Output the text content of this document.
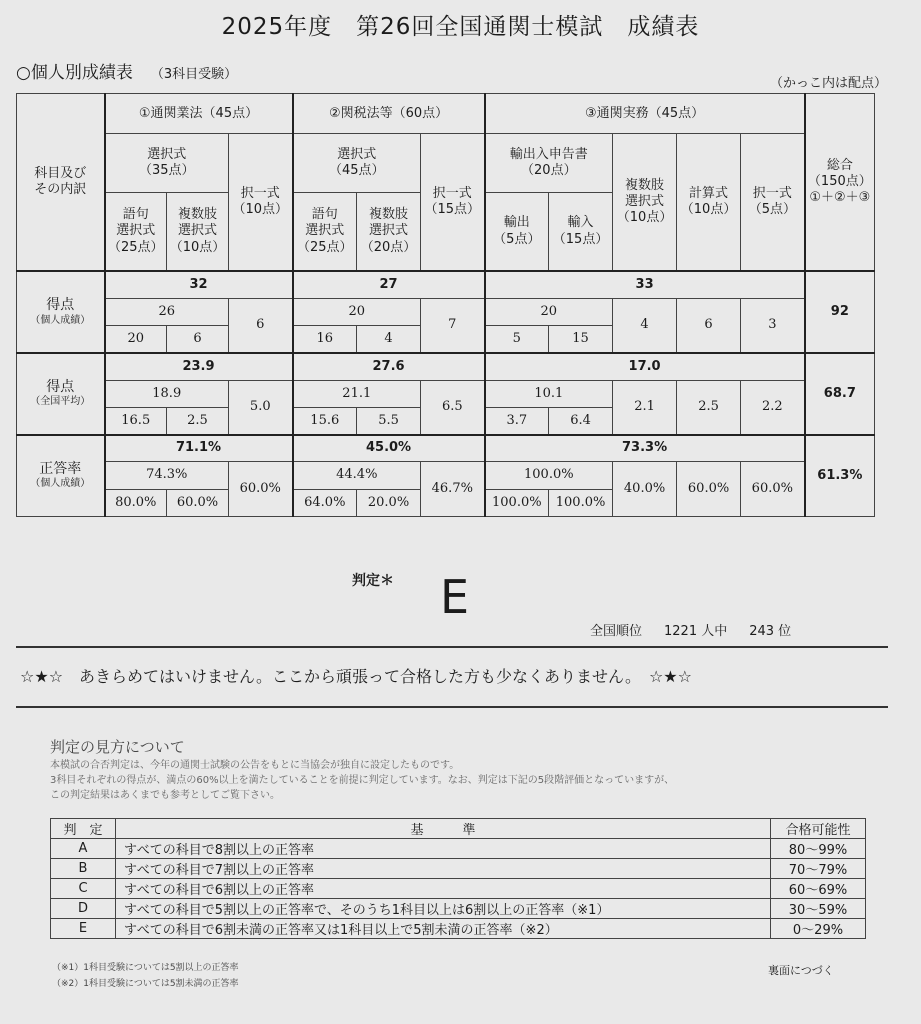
2025年度　第26回全国通関士模試　成績表
○個人別成績表 （3科目受験）
（かっこ内は配点）
科目及び
その内訳	①通関業法（45点）			②関税法等（60点）			③通関実務（45点）					総合
（150点）
①＋②＋③
	選択式
（35点）		択一式
（10点）	選択式
（45点）		択一式
（15点）	輸出入申告書
（20点）		複数肢
選択式
（10点）	計算式
（10点）	択一式
（5点）	
	語句
選択式
（25点）	複数肢
選択式
（10点）		語句
選択式
（25点）	複数肢
選択式
（20点）		輸出
（5点）	輸入
（15点）				
得点
（個人成績）	32			27			33					92
	26		6	20		7	20		4	6	3	
	20	6		16	4		5	15				
得点
（全国平均）	23.9			27.6			17.0					68.7
	18.9		5.0	21.1		6.5	10.1		2.1	2.5	2.2	
	16.5	2.5		15.6	5.5		3.7	6.4				
正答率
（個人成績）	71.1%			45.0%			73.3%					61.3%
	74.3%		60.0%	44.4%		46.7%	100.0%		40.0%	60.0%	60.0%	
	80.0%	60.0%		64.0%	20.0%		100.0%	100.0%				
判定＊ E
全国順位 1221 人中 243 位
☆★☆　あきらめてはいけません。ここから頑張って合格した方も少なくありません。　☆★☆
判定の見方について
本模試の合否判定は、今年の通関士試験の公告をもとに当協会が独自に設定したものです。
3科目それぞれの得点が、満点の60%以上を満たしていることを前提に判定しています。なお、判定は下記の5段階評価となっていますが、
この判定結果はあくまでも参考としてご覧下さい。
判　定	基　　　準	合格可能性
A	すべての科目で8割以上の正答率	80～99%
B	すべての科目で7割以上の正答率	70～79%
C	すべての科目で6割以上の正答率	60～69%
D	すべての科目で5割以上の正答率で、そのうち1科目以上は6割以上の正答率（※1）	30～59%
E	すべての科目で6割未満の正答率又は1科目以上で5割未満の正答率（※2）	0～29%
（※1）1科目受験については5割以上の正答率
（※2）1科目受験については5割未満の正答率
裏面につづく
